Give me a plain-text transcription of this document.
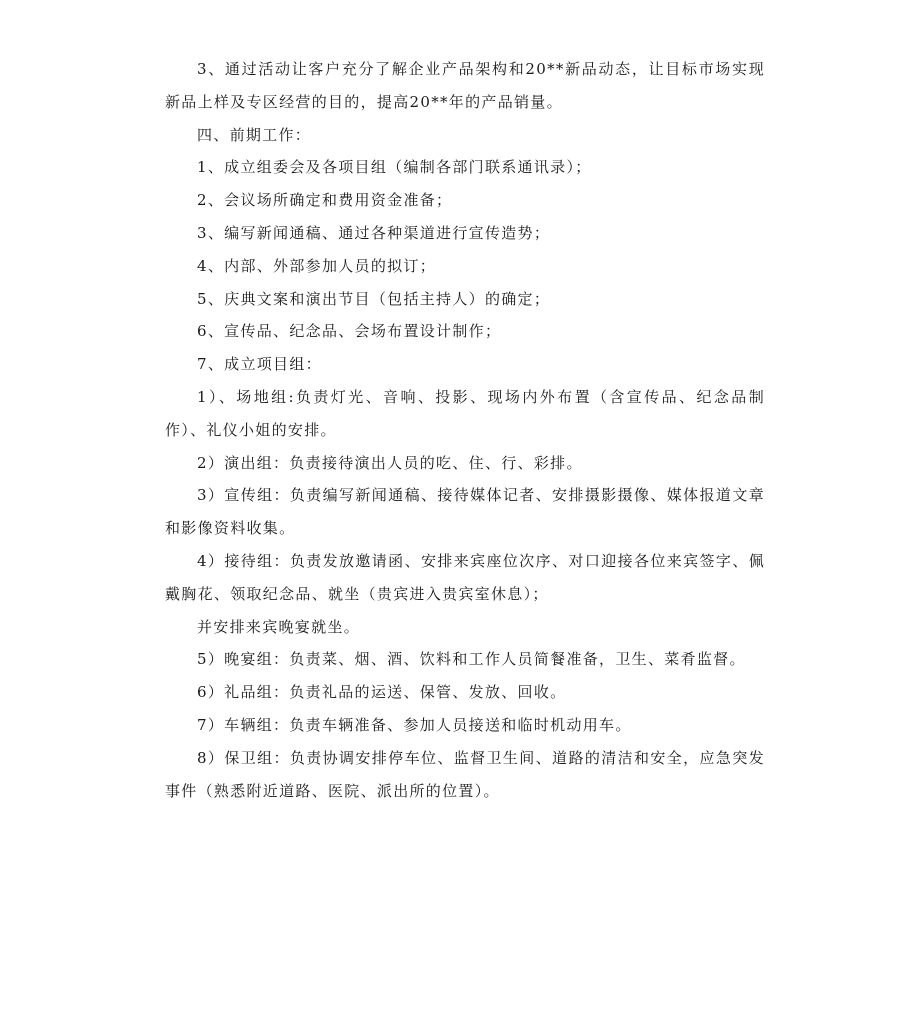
3、通过活动让客户充分了解企业产品架构和20**新品动态，让目标市场实现新品上样及专区经营的目的，提高20**年的产品销量。

四、前期工作：

1、成立组委会及各项目组（编制各部门联系通讯录）；

2、会议场所确定和费用资金准备；

3、编写新闻通稿、通过各种渠道进行宣传造势；

4、内部、外部参加人员的拟订；

5、庆典文案和演出节目（包括主持人）的确定；

6、宣传品、纪念品、会场布置设计制作；

7、成立项目组：

1）、场地组:负责灯光、音响、投影、现场内外布置（含宣传品、纪念品制作）、礼仪小姐的安排。

2）演出组：负责接待演出人员的吃、住、行、彩排。

3）宣传组：负责编写新闻通稿、接待媒体记者、安排摄影摄像、媒体报道文章和影像资料收集。

4）接待组：负责发放邀请函、安排来宾座位次序、对口迎接各位来宾签字、佩戴胸花、领取纪念品、就坐（贵宾进入贵宾室休息）；

并安排来宾晚宴就坐。

5）晚宴组：负责菜、烟、酒、饮料和工作人员简餐准备，卫生、菜肴监督。

6）礼品组：负责礼品的运送、保管、发放、回收。

7）车辆组：负责车辆准备、参加人员接送和临时机动用车。

8）保卫组：负责协调安排停车位、监督卫生间、道路的清洁和安全，应急突发事件（熟悉附近道路、医院、派出所的位置）。
